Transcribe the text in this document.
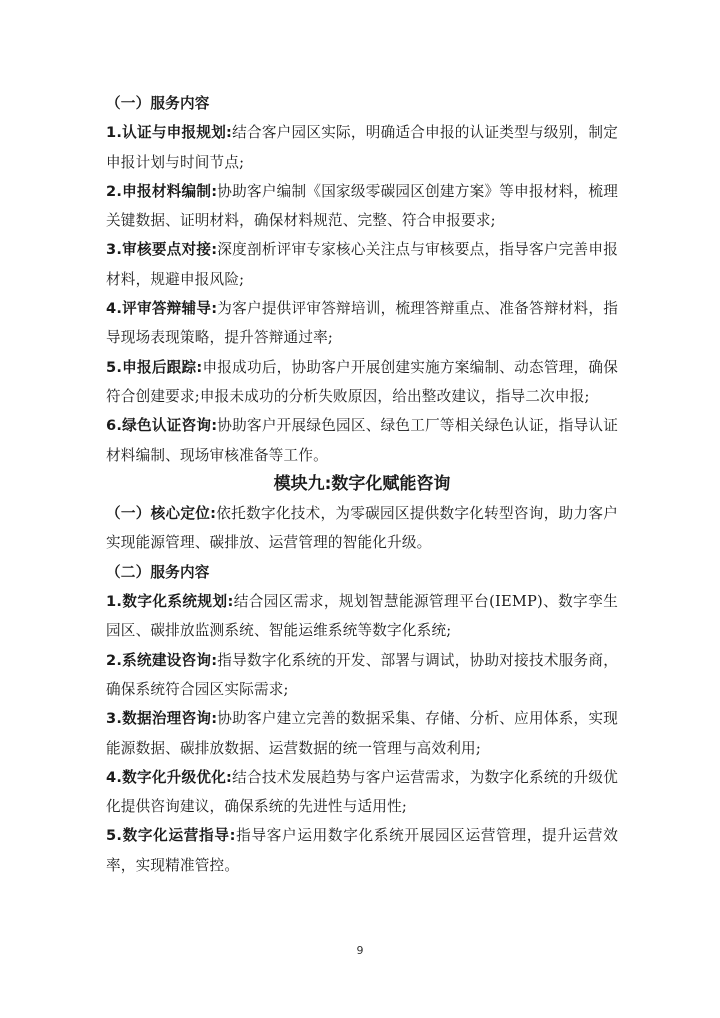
（一）服务内容

1.认证与申报规划:结合客户园区实际，明确适合申报的认证类型与级别，制定申报计划与时间节点;

2.申报材料编制:协助客户编制《国家级零碳园区创建方案》等申报材料，梳理关键数据、证明材料，确保材料规范、完整、符合申报要求;

3.审核要点对接:深度剖析评审专家核心关注点与审核要点，指导客户完善申报材料，规避申报风险;

4.评审答辩辅导:为客户提供评审答辩培训，梳理答辩重点、准备答辩材料，指导现场表现策略，提升答辩通过率;

5.申报后跟踪:申报成功后，协助客户开展创建实施方案编制、动态管理，确保符合创建要求;申报未成功的分析失败原因，给出整改建议，指导二次申报;

6.绿色认证咨询:协助客户开展绿色园区、绿色工厂等相关绿色认证，指导认证材料编制、现场审核准备等工作。

模块九:数字化赋能咨询

（一）核心定位:依托数字化技术，为零碳园区提供数字化转型咨询，助力客户实现能源管理、碳排放、运营管理的智能化升级。

（二）服务内容

1.数字化系统规划:结合园区需求，规划智慧能源管理平台(IEMP)、数字孪生园区、碳排放监测系统、智能运维系统等数字化系统;

2.系统建设咨询:指导数字化系统的开发、部署与调试，协助对接技术服务商，确保系统符合园区实际需求;

3.数据治理咨询:协助客户建立完善的数据采集、存储、分析、应用体系，实现能源数据、碳排放数据、运营数据的统一管理与高效利用;

4.数字化升级优化:结合技术发展趋势与客户运营需求，为数字化系统的升级优化提供咨询建议，确保系统的先进性与适用性;

5.数字化运营指导:指导客户运用数字化系统开展园区运营管理，提升运营效率，实现精准管控。

9
